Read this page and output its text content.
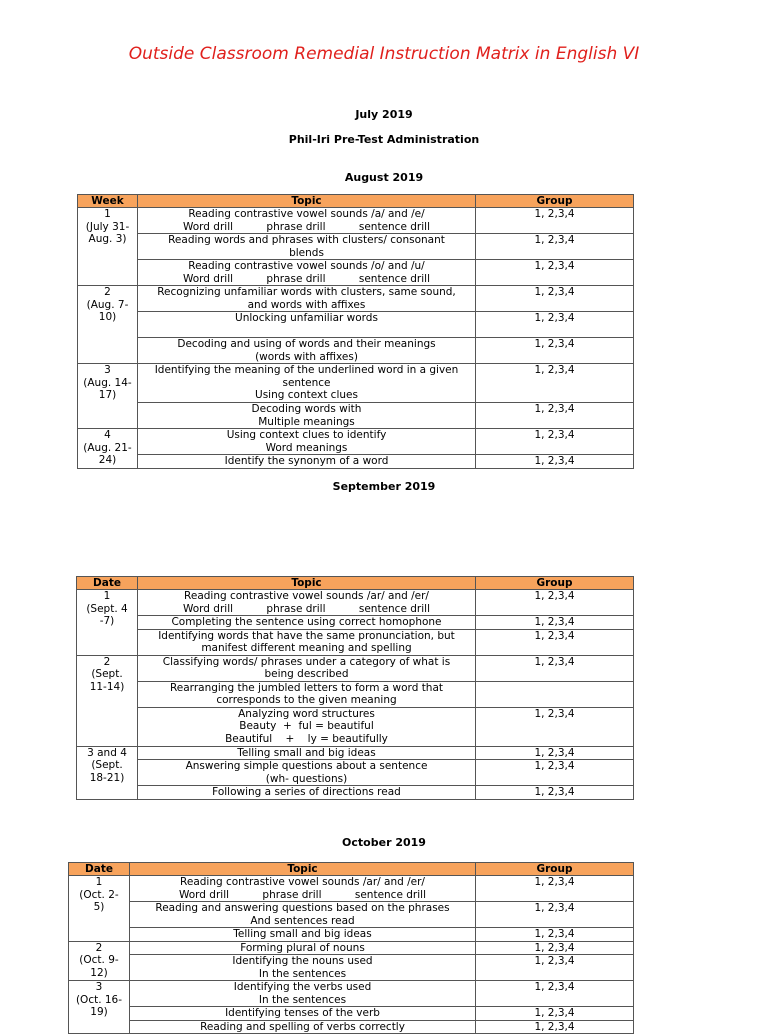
Outside Classroom Remedial Instruction Matrix in English VI
July 2019
Phil-Iri Pre-Test Administration
August 2019
Week	Topic	Group
1
(July 31-
Aug. 3)	Reading contrastive vowel sounds /a/ and /e/
Word drill          phrase drill          sentence drill	1, 2,3,4
	Reading words and phrases with clusters/ consonant
blends	1, 2,3,4
	Reading contrastive vowel sounds /o/ and /u/
Word drill          phrase drill          sentence drill	1, 2,3,4
2
(Aug. 7-
10)	Recognizing unfamiliar words with clusters, same sound,
and words with affixes	1, 2,3,4
	Unlocking unfamiliar words	1, 2,3,4
	Decoding and using of words and their meanings
(words with affixes)	1, 2,3,4
3
(Aug. 14-
17)	Identifying the meaning of the underlined word in a given
sentence
Using context clues	1, 2,3,4
	Decoding words with
Multiple meanings	1, 2,3,4
4
(Aug. 21-
24)	Using context clues to identify
Word meanings	1, 2,3,4
	Identify the synonym of a word	1, 2,3,4
September 2019
Date	Topic	Group
1
(Sept. 4
-7)	Reading contrastive vowel sounds /ar/ and /er/
Word drill          phrase drill          sentence drill	1, 2,3,4
	Completing the sentence using correct homophone	1, 2,3,4
	Identifying words that have the same pronunciation, but
manifest different meaning and spelling	1, 2,3,4
2
(Sept.
11-14)	Classifying words/ phrases under a category of what is
being described	1, 2,3,4
	Rearranging the jumbled letters to form a word that
corresponds to the given meaning	
	Analyzing word structures
Beauty  +  ful = beautiful
Beautiful    +    ly = beautifully	1, 2,3,4
3 and 4
(Sept.
18-21)	Telling small and big ideas	1, 2,3,4
	Answering simple questions about a sentence
(wh- questions)	1, 2,3,4
	Following a series of directions read	1, 2,3,4
October 2019
Date	Topic	Group
1
(Oct. 2-
5)	Reading contrastive vowel sounds /ar/ and /er/
Word drill          phrase drill          sentence drill	1, 2,3,4
	Reading and answering questions based on the phrases
And sentences read	1, 2,3,4
	Telling small and big ideas	1, 2,3,4
2
(Oct. 9-
12)	Forming plural of nouns	1, 2,3,4
	Identifying the nouns used
In the sentences	1, 2,3,4
3
(Oct. 16-
19)	Identifying the verbs used
In the sentences	1, 2,3,4
	Identifying tenses of the verb	1, 2,3,4
	Reading and spelling of verbs correctly	1, 2,3,4
